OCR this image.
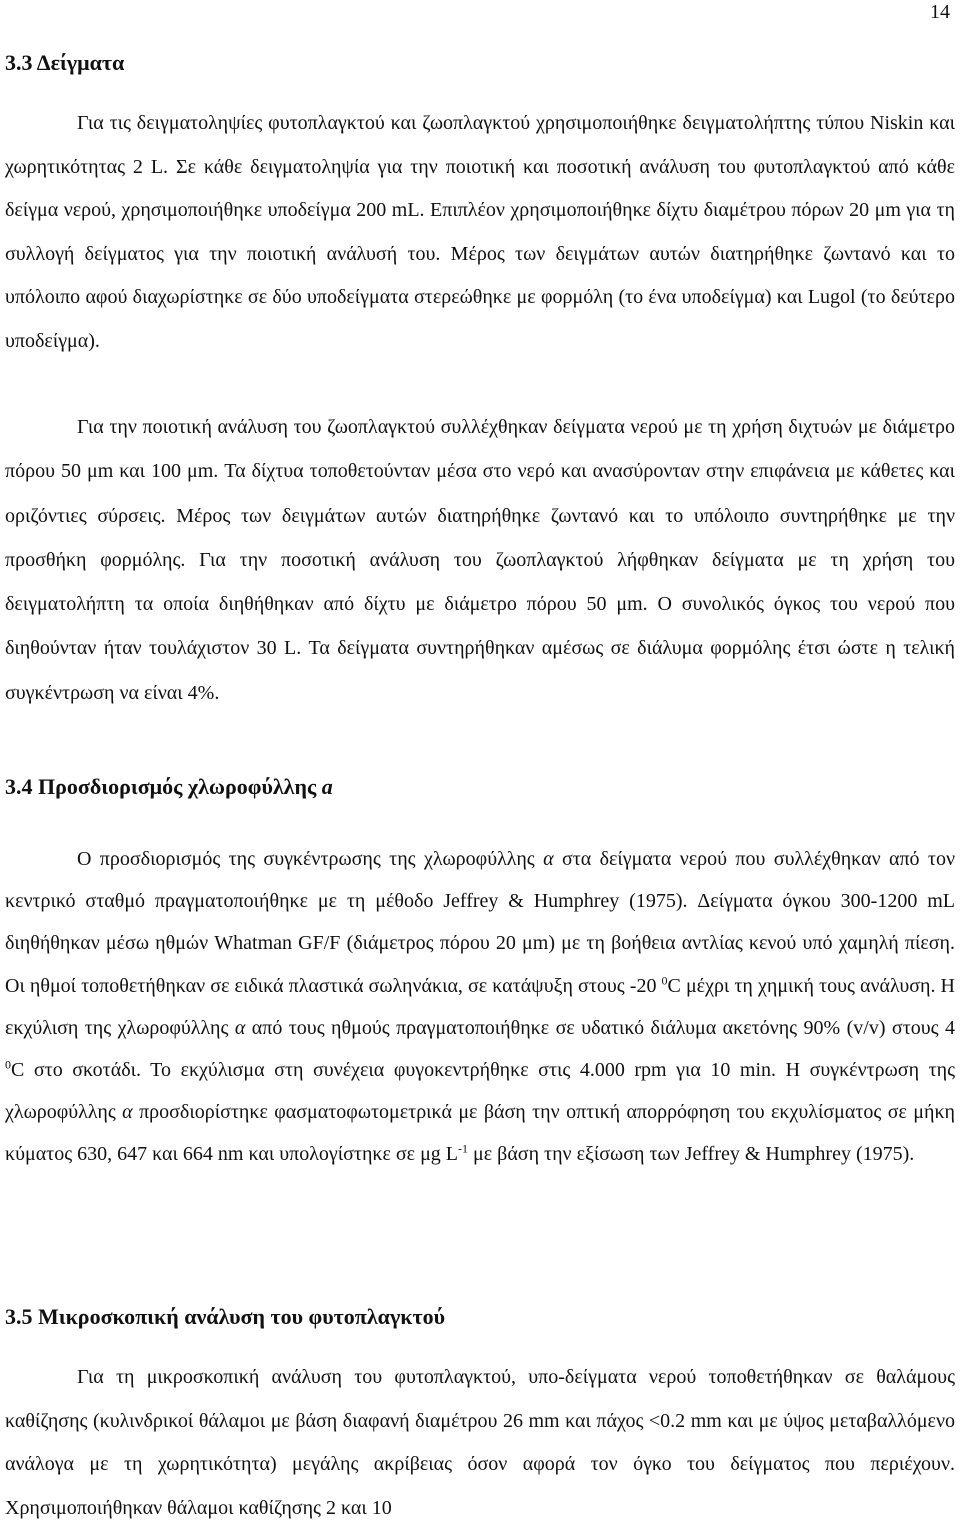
14
3.3 Δείγματα

Για τις δειγματοληψίες φυτοπλαγκτού και ζωοπλαγκτού χρησιμοποιήθηκε δειγματολήπτης τύπου Niskin και χωρητικότητας 2 L. Σε κάθε δειγματοληψία για την ποιοτική και ποσοτική ανάλυση του φυτοπλαγκτού από κάθε δείγμα νερού, χρησιμοποιήθηκε υποδείγμα 200 mL. Επιπλέον χρησιμοποιήθηκε δίχτυ διαμέτρου πόρων 20 μm για τη συλλογή δείγματος για την ποιοτική ανάλυσή του. Μέρος των δειγμάτων αυτών διατηρήθηκε ζωντανό και το υπόλοιπο αφού διαχωρίστηκε σε δύο υποδείγματα στερεώθηκε με φορμόλη (το ένα υποδείγμα) και Lugol (το δεύτερο υποδείγμα).

Για την ποιοτική ανάλυση του ζωοπλαγκτού συλλέχθηκαν δείγματα νερού με τη χρήση διχτυών με διάμετρο πόρου 50 μm και 100 μm. Τα δίχτυα τοποθετούνταν μέσα στο νερό και ανασύρονταν στην επιφάνεια με κάθετες και οριζόντιες σύρσεις. Μέρος των δειγμάτων αυτών διατηρήθηκε ζωντανό και το υπόλοιπο συντηρήθηκε με την προσθήκη φορμόλης. Για την ποσοτική ανάλυση του ζωοπλαγκτού λήφθηκαν δείγματα με τη χρήση του δειγματολήπτη τα οποία διηθήθηκαν από δίχτυ με διάμετρο πόρου 50 μm. Ο συνολικός όγκος του νερού που διηθούνταν ήταν τουλάχιστον 30 L. Τα δείγματα συντηρήθηκαν αμέσως σε διάλυμα φορμόλης έτσι ώστε η τελική συγκέντρωση να είναι 4%.

3.4 Προσδιορισμός χλωροφύλλης a

Ο προσδιορισμός της συγκέντρωσης της χλωροφύλλης α στα δείγματα νερού που συλλέχθηκαν από τον κεντρικό σταθμό πραγματοποιήθηκε με τη μέθοδο Jeffrey & Humphrey (1975). Δείγματα όγκου 300-1200 mL διηθήθηκαν μέσω ηθμών Whatman GF/F (διάμετρος πόρου 20 μm) με τη βοήθεια αντλίας κενού υπό χαμηλή πίεση. Οι ηθμοί τοποθετήθηκαν σε ειδικά πλαστικά σωληνάκια, σε κατάψυξη στους -20 $^0$C μέχρι τη χημική τους ανάλυση. Η εκχύλιση της χλωροφύλλης α από τους ηθμούς πραγματοποιήθηκε σε υδατικό διάλυμα ακετόνης 90% (v/v) στους 4 $^0$C στο σκοτάδι. Το εκχύλισμα στη συνέχεια φυγοκεντρήθηκε στις 4.000 rpm για 10 min. Η συγκέντρωση της χλωροφύλλης α προσδιορίστηκε φασματοφωτομετρικά με βάση την οπτική απορρόφηση του εκχυλίσματος σε μήκη κύματος 630, 647 και 664 nm και υπολογίστηκε σε μg $L^{-1}$ με βάση την εξίσωση των Jeffrey & Humphrey (1975).

3.5 Μικροσκοπική ανάλυση του φυτοπλαγκτού

Για τη μικροσκοπική ανάλυση του φυτοπλαγκτού, υπο-δείγματα νερού τοποθετήθηκαν σε θαλάμους καθίζησης (κυλινδρικοί θάλαμοι με βάση διαφανή διαμέτρου 26 mm και πάχος <0.2 mm και με ύψος μεταβαλλόμενο ανάλογα με τη χωρητικότητα) μεγάλης ακρίβειας όσον αφορά τον όγκο του δείγματος που περιέχουν. Χρησιμοποιήθηκαν θάλαμοι καθίζησης 2 και 10
